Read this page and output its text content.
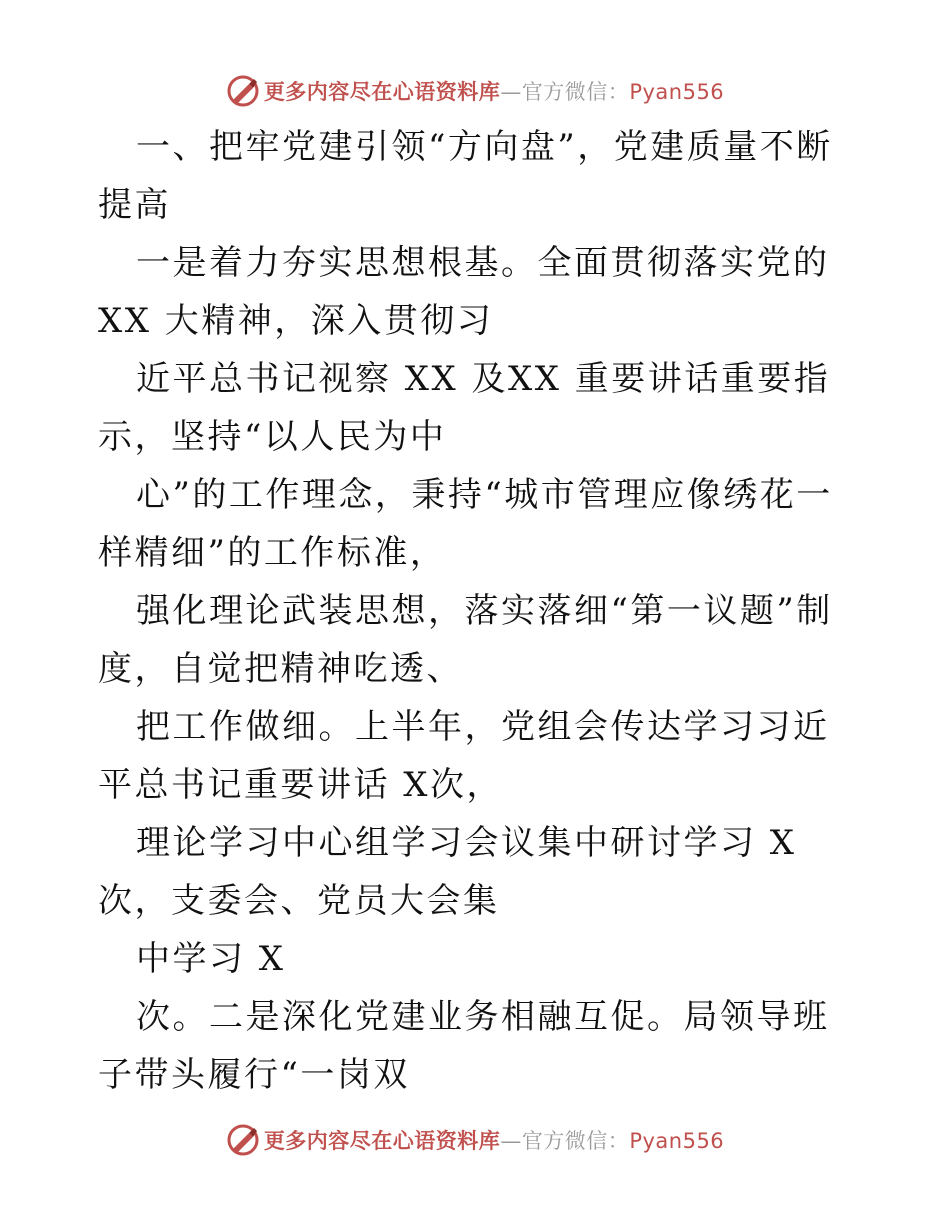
更多内容尽在心语资料库—官方微信：Pyan556

一、把牢党建引领“方向盘”，党建质量不断提高

一是着力夯实思想根基。全面贯彻落实党的 XX 大精神，深入贯彻习

近平总书记视察 XX 及XX 重要讲话重要指示，坚持“以人民为中

心”的工作理念，秉持“城市管理应像绣花一样精细”的工作标准，

强化理论武装思想，落实落细“第一议题”制度，自觉把精神吃透、

把工作做细。上半年，党组会传达学习习近平总书记重要讲话 X次，

理论学习中心组学习会议集中研讨学习 X次，支委会、党员大会集

中学习 X

次。二是深化党建业务相融互促。局领导班子带头履行“一岗双

更多内容尽在心语资料库—官方微信：Pyan556
